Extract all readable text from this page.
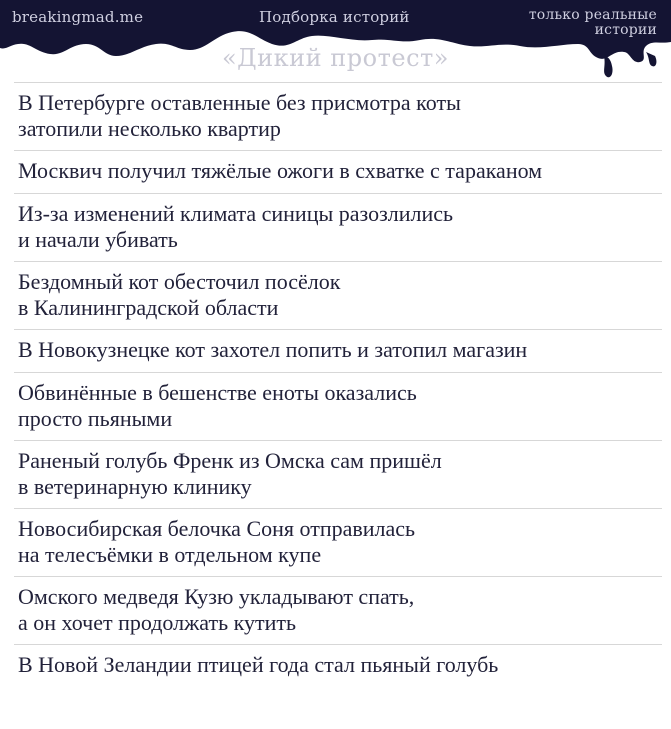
breakingmad.me	Подборка историй	только реальные
истории
«Дикий протест»
В Петербурге оставленные без присмотра коты
затопили несколько квартир
Москвич получил тяжёлые ожоги в схватке с тараканом
Из-за изменений климата синицы разозлились
и начали убивать
Бездомный кот обесточил посёлок
в Калининградской области
В Новокузнецке кот захотел попить и затопил магазин
Обвинённые в бешенстве еноты оказались
просто пьяными
Раненый голубь Френк из Омска сам пришёл
в ветеринарную клинику
Новосибирская белочка Соня отправилась
на телесъёмки в отдельном купе
Омского медведя Кузю укладывают спать,
а он хочет продолжать кутить
В Новой Зеландии птицей года стал пьяный голубь
